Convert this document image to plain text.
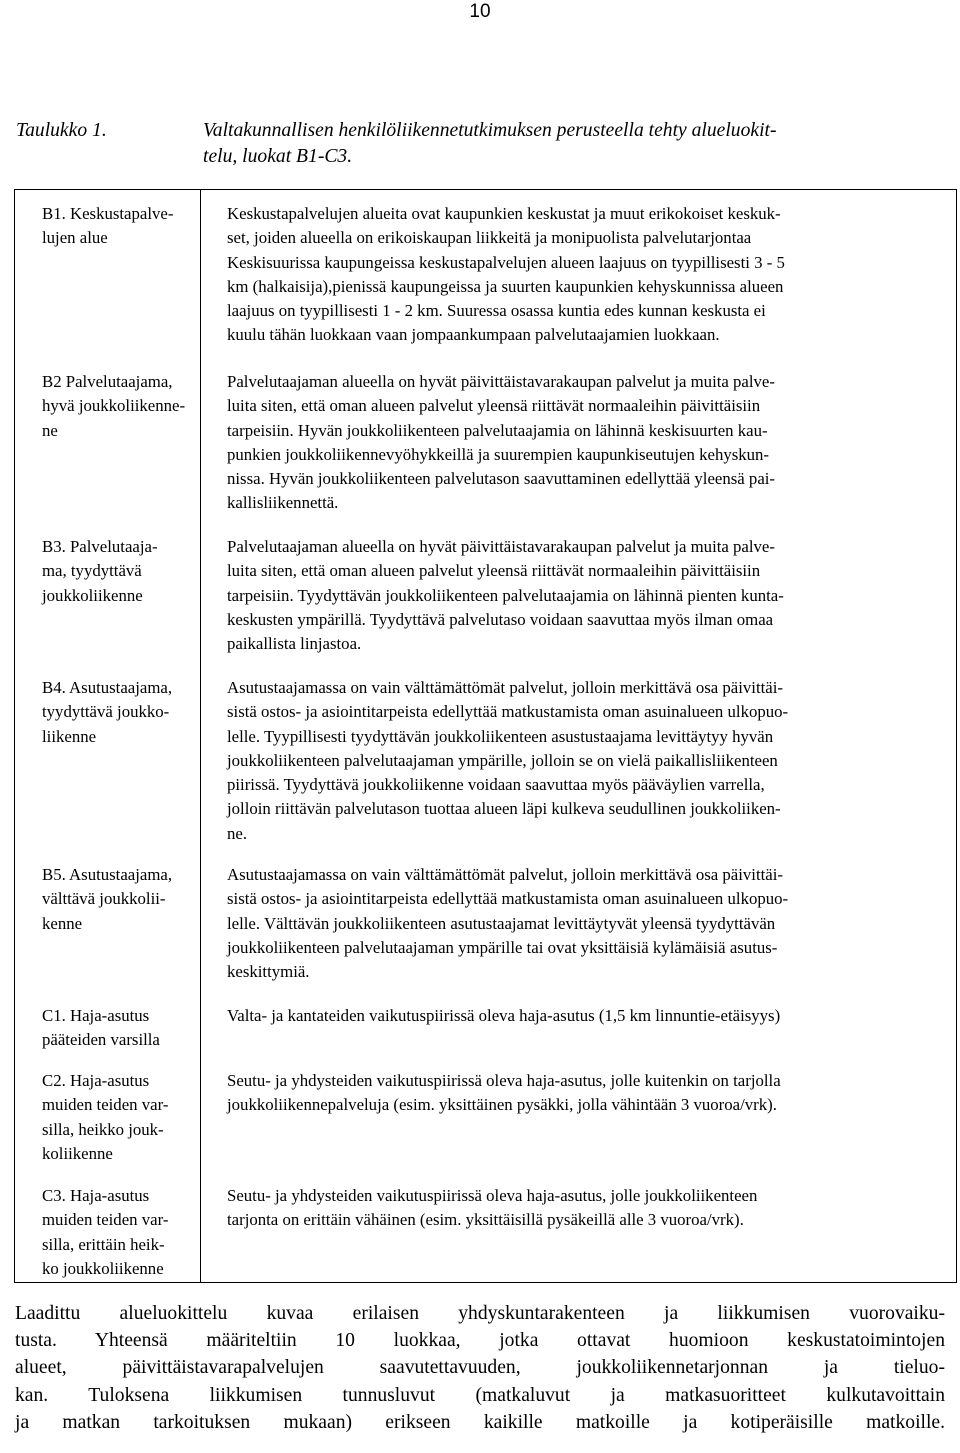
10
Taulukko 1.	Valtakunnallisen henkilöliikennetutkimuksen perusteella tehty alueluokit-
telu, luokat B1-C3.
B1. Keskustapalve-
lujen alue
Keskustapalvelujen alueita ovat kaupunkien keskustat ja muut erikokoiset keskuk-
set, joiden alueella on erikoiskaupan liikkeitä ja monipuolista palvelutarjontaa
Keskisuurissa kaupungeissa keskustapalvelujen alueen laajuus on tyypillisesti 3 - 5
km (halkaisija),pienissä kaupungeissa ja suurten kaupunkien kehyskunnissa alueen
laajuus on tyypillisesti 1 - 2 km. Suuressa osassa kuntia edes kunnan keskusta ei
kuulu tähän luokkaan vaan jompaankumpaan palvelutaajamien luokkaan.
B2 Palvelutaajama,
hyvä joukkoliikenne-
ne
Palvelutaajaman alueella on hyvät päivittäistavarakaupan palvelut ja muita palve-
luita siten, että oman alueen palvelut yleensä riittävät normaaleihin päivittäisiin
tarpeisiin. Hyvän joukkoliikenteen palvelutaajamia on lähinnä keskisuurten kau-
punkien joukkoliikennevyöhykkeillä ja suurempien kaupunkiseutujen kehyskun-
nissa. Hyvän joukkoliikenteen palvelutason saavuttaminen edellyttää yleensä pai-
kallisliikennettä.
B3. Palvelutaaja-
ma, tyydyttävä
joukkoliikenne
Palvelutaajaman alueella on hyvät päivittäistavarakaupan palvelut ja muita palve-
luita siten, että oman alueen palvelut yleensä riittävät normaaleihin päivittäisiin
tarpeisiin. Tyydyttävän joukkoliikenteen palvelutaajamia on lähinnä pienten kunta-
keskusten ympärillä. Tyydyttävä palvelutaso voidaan saavuttaa myös ilman omaa
paikallista linjastoa.
B4. Asutustaajama,
tyydyttävä joukko-
liikenne
Asutustaajamassa on vain välttämättömät palvelut, jolloin merkittävä osa päivittäi-
sistä ostos- ja asiointitarpeista edellyttää matkustamista oman asuinalueen ulkopuo-
lelle. Tyypillisesti tyydyttävän joukkoliikenteen asustustaajama levittäytyy hyvän
joukkoliikenteen palvelutaajaman ympärille, jolloin se on vielä paikallisliikenteen
piirissä. Tyydyttävä joukkoliikenne voidaan saavuttaa myös pääväylien varrella,
jolloin riittävän palvelutason tuottaa alueen läpi kulkeva seudullinen joukkoliiken-
ne.
B5. Asutustaajama,
välttävä joukkolii-
kenne
Asutustaajamassa on vain välttämättömät palvelut, jolloin merkittävä osa päivittäi-
sistä ostos- ja asiointitarpeista edellyttää matkustamista oman asuinalueen ulkopuo-
lelle. Välttävän joukkoliikenteen asutustaajamat levittäytyvät yleensä tyydyttävän
joukkoliikenteen palvelutaajaman ympärille tai ovat yksittäisiä kylämäisiä asutus-
keskittymiä.
C1. Haja-asutus
pääteiden varsilla
Valta- ja kantateiden vaikutuspiirissä oleva haja-asutus (1,5 km linnuntie-etäisyys)
C2. Haja-asutus
muiden teiden var-
silla, heikko jouk-
koliikenne
Seutu- ja yhdysteiden vaikutuspiirissä oleva haja-asutus, jolle kuitenkin on tarjolla
joukkoliikennepalveluja (esim. yksittäinen pysäkki, jolla vähintään 3 vuoroa/vrk).
C3. Haja-asutus
muiden teiden var-
silla, erittäin heik-
ko joukkoliikenne
Seutu- ja yhdysteiden vaikutuspiirissä oleva haja-asutus, jolle joukkoliikenteen
tarjonta on erittäin vähäinen (esim. yksittäisillä pysäkeillä alle 3 vuoroa/vrk).
Laadittu alueluokittelu kuvaa erilaisen yhdyskuntarakenteen ja liikkumisen vuorovaiku-
tusta. Yhteensä määriteltiin 10 luokkaa, jotka ottavat huomioon keskustatoimintojen
alueet, päivittäistavarapalvelujen saavutettavuuden, joukkoliikennetarjonnan ja tieluo-
kan. Tuloksena liikkumisen tunnusluvut (matkaluvut ja matkasuoritteet kulkutavoittain
ja matkan tarkoituksen mukaan) erikseen kaikille matkoille ja kotiperäisille matkoille.
